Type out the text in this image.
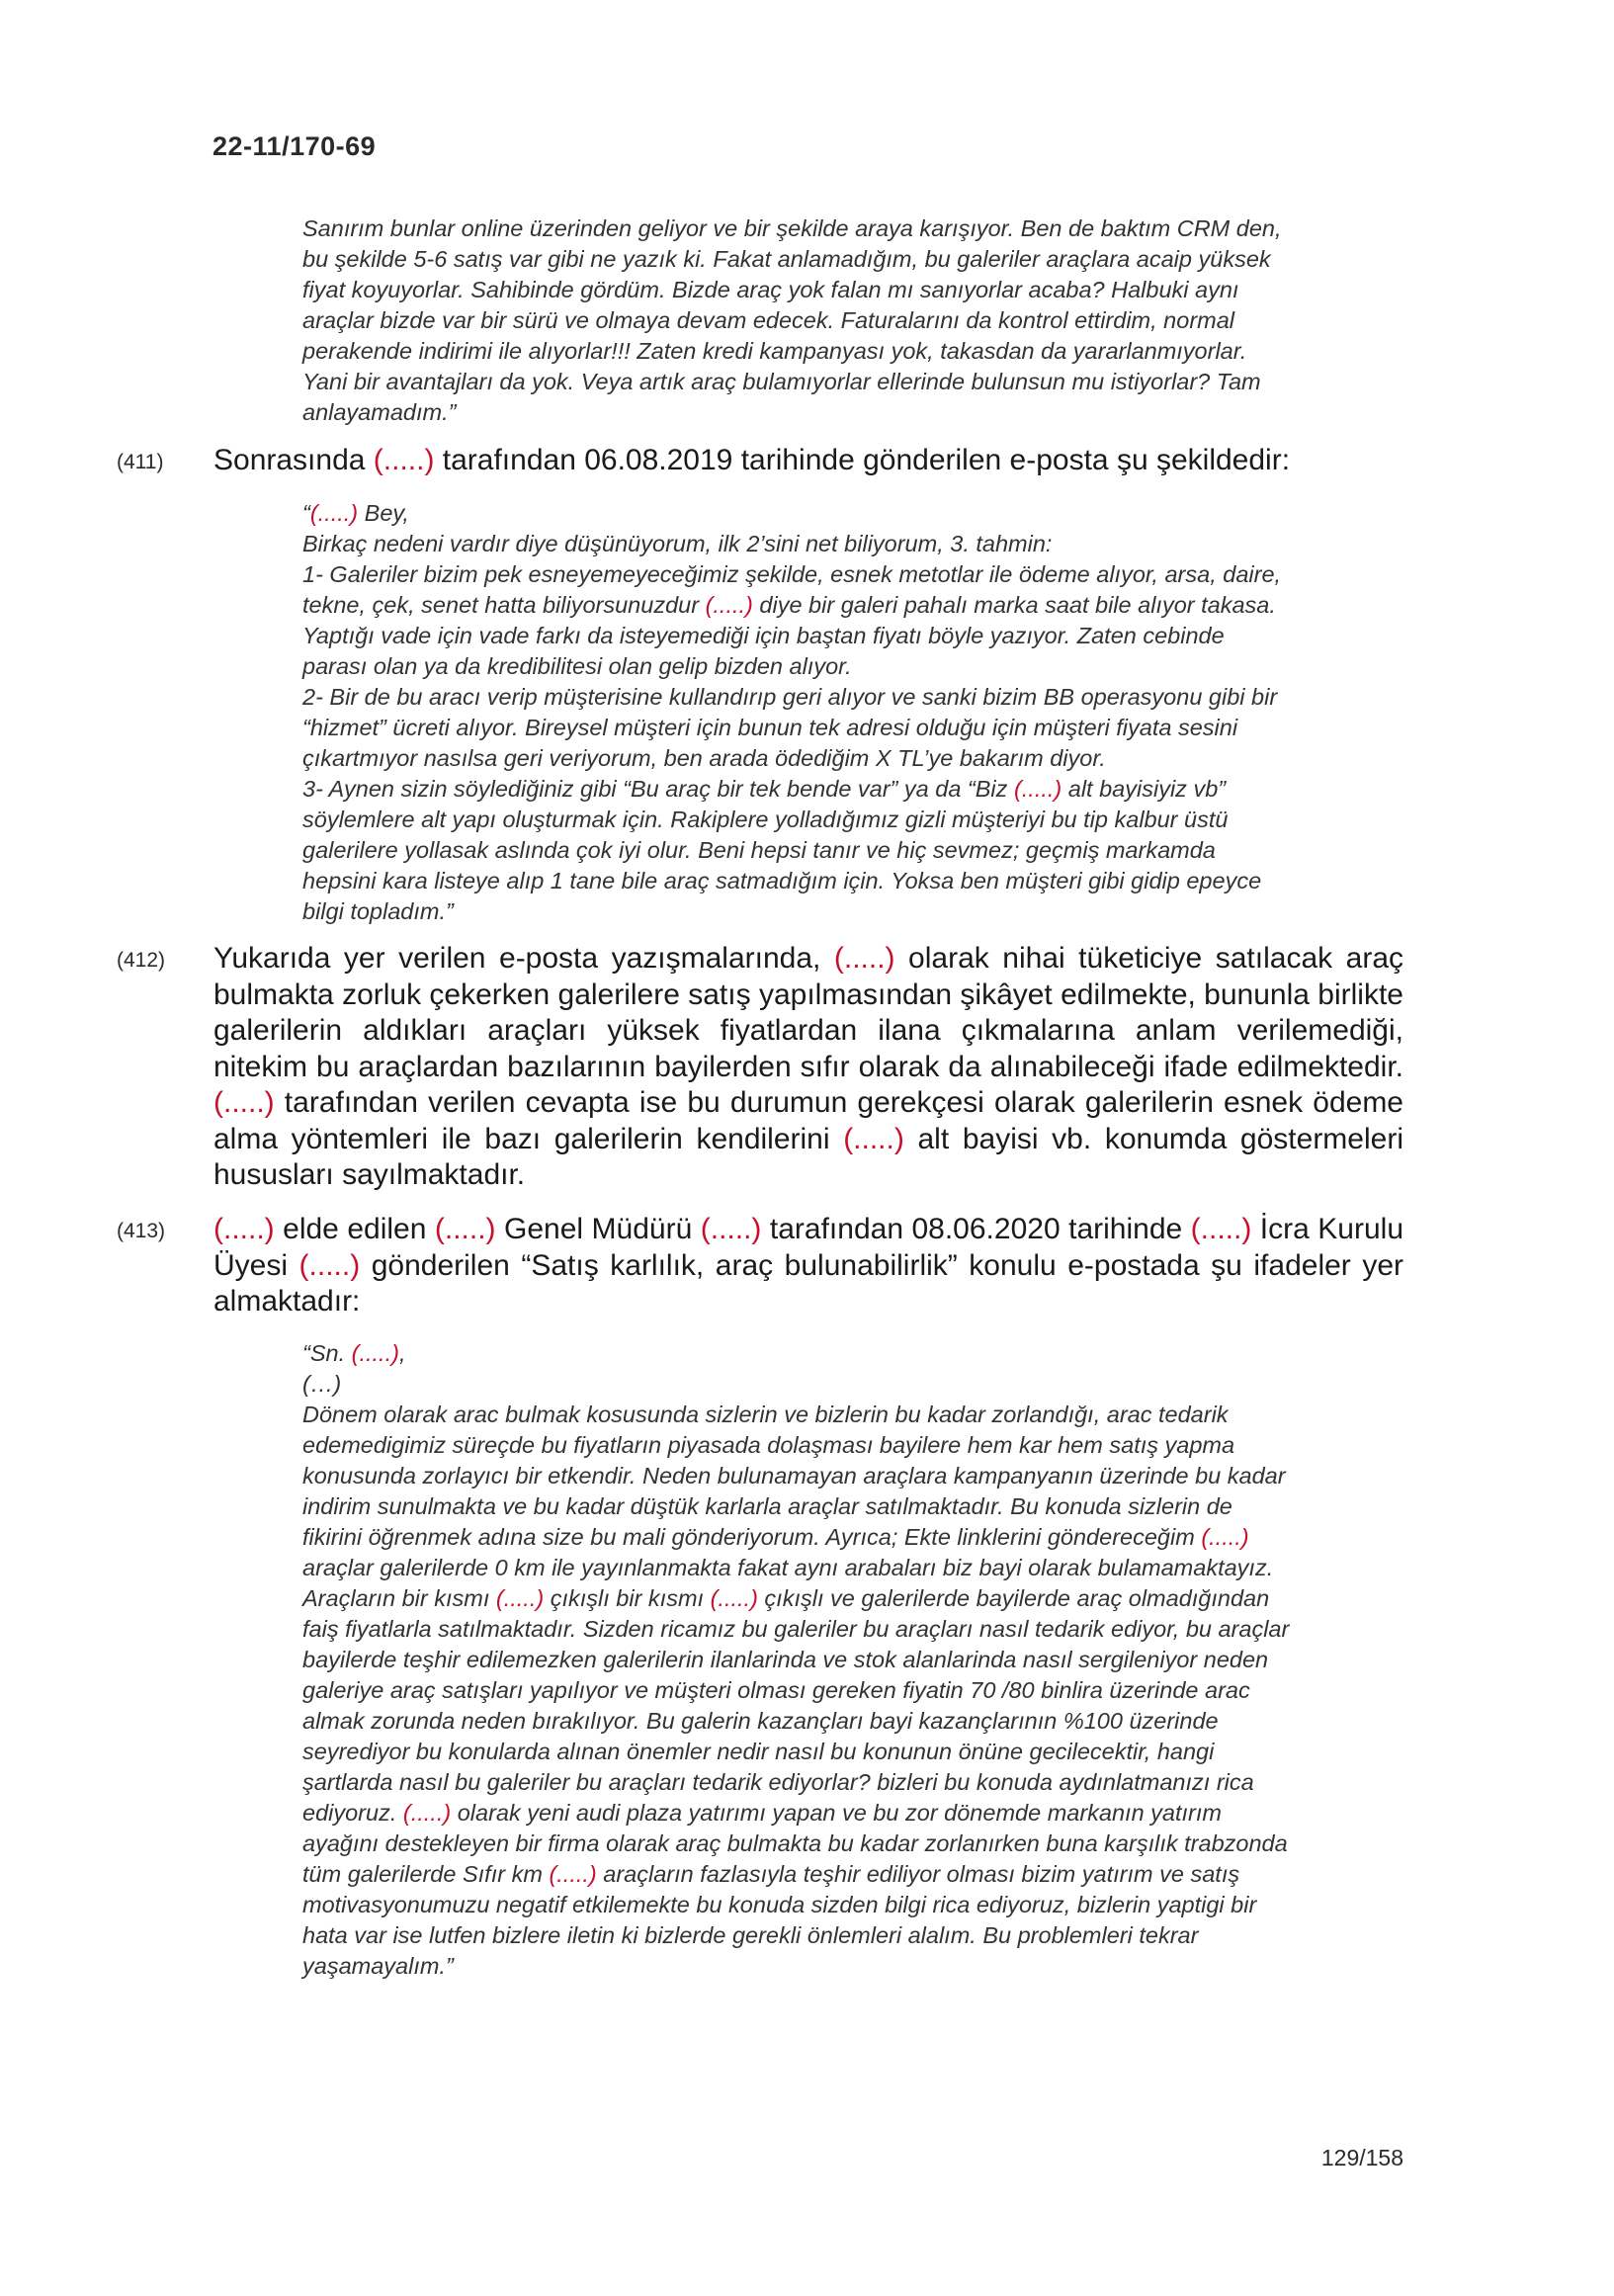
22-11/170-69

Sanırım bunlar online üzerinden geliyor ve bir şekilde araya karışıyor. Ben de baktım CRM den,

bu şekilde 5-6 satış var gibi ne yazık ki. Fakat anlamadığım, bu galeriler araçlara acaip yüksek

fiyat koyuyorlar. Sahibinde gördüm. Bizde araç yok falan mı sanıyorlar acaba? Halbuki aynı

araçlar bizde var bir sürü ve olmaya devam edecek. Faturalarını da kontrol ettirdim, normal

perakende indirimi ile alıyorlar!!! Zaten kredi kampanyası yok, takasdan da yararlanmıyorlar.

Yani bir avantajları da yok. Veya artık araç bulamıyorlar ellerinde bulunsun mu istiyorlar? Tam

anlayamadım.”

(411) Sonrasında (.....) tarafından 06.08.2019 tarihinde gönderilen e-posta şu şekildedir:

“(.....) Bey,

Birkaç nedeni vardır diye düşünüyorum, ilk 2’sini net biliyorum, 3. tahmin:

1- Galeriler bizim pek esneyemeyeceğimiz şekilde, esnek metotlar ile ödeme alıyor, arsa, daire,

tekne, çek, senet hatta biliyorsunuzdur (.....) diye bir galeri pahalı marka saat bile alıyor takasa.

Yaptığı vade için vade farkı da isteyemediği için baştan fiyatı böyle yazıyor. Zaten cebinde

parası olan ya da kredibilitesi olan gelip bizden alıyor.

2- Bir de bu aracı verip müşterisine kullandırıp geri alıyor ve sanki bizim BB operasyonu gibi bir

“hizmet” ücreti alıyor. Bireysel müşteri için bunun tek adresi olduğu için müşteri fiyata sesini

çıkartmıyor nasılsa geri veriyorum, ben arada ödediğim X TL’ye bakarım diyor.

3- Aynen sizin söylediğiniz gibi “Bu araç bir tek bende var” ya da “Biz (.....) alt bayisiyiz vb”

söylemlere alt yapı oluşturmak için. Rakiplere yolladığımız gizli müşteriyi bu tip kalbur üstü

galerilere yollasak aslında çok iyi olur. Beni hepsi tanır ve hiç sevmez; geçmiş markamda

hepsini kara listeye alıp 1 tane bile araç satmadığım için. Yoksa ben müşteri gibi gidip epeyce

bilgi topladım.”

(412) Yukarıda yer verilen e-posta yazışmalarında, (.....) olarak nihai tüketiciye satılacak araç bulmakta zorluk çekerken galerilere satış yapılmasından şikâyet edilmekte, bununla birlikte galerilerin aldıkları araçları yüksek fiyatlardan ilana çıkmalarına anlam verilemediği, nitekim bu araçlardan bazılarının bayilerden sıfır olarak da alınabileceği ifade edilmektedir. (.....) tarafından verilen cevapta ise bu durumun gerekçesi olarak galerilerin esnek ödeme alma yöntemleri ile bazı galerilerin kendilerini (.....) alt bayisi vb. konumda göstermeleri hususları sayılmaktadır.
(413) (.....) elde edilen (.....) Genel Müdürü (.....) tarafından 08.06.2020 tarihinde (.....) İcra Kurulu Üyesi (.....) gönderilen “Satış karlılık, araç bulunabilirlik” konulu e-postada şu ifadeler yer almaktadır:

“Sn. (.....),

(…)

Dönem olarak arac bulmak kosusunda sizlerin ve bizlerin bu kadar zorlandığı, arac tedarik

edemedigimiz süreçde bu fiyatların piyasada dolaşması bayilere hem kar hem satış yapma

konusunda zorlayıcı bir etkendir. Neden bulunamayan araçlara kampanyanın üzerinde bu kadar

indirim sunulmakta ve bu kadar düştük karlarla araçlar satılmaktadır. Bu konuda sizlerin de

fikirini öğrenmek adına size bu mali gönderiyorum. Ayrıca; Ekte linklerini göndereceğim (.....)

araçlar galerilerde 0 km ile yayınlanmakta fakat aynı arabaları biz bayi olarak bulamamaktayız.

Araçların bir kısmı (.....) çıkışlı bir kısmı (.....) çıkışlı ve galerilerde bayilerde araç olmadığından

faiş fiyatlarla satılmaktadır. Sizden ricamız bu galeriler bu araçları nasıl tedarik ediyor, bu araçlar

bayilerde teşhir edilemezken galerilerin ilanlarinda ve stok alanlarinda nasıl sergileniyor neden

galeriye araç satışları yapılıyor ve müşteri olması gereken fiyatin 70 /80 binlira üzerinde arac

almak zorunda neden bırakılıyor. Bu galerin kazançları bayi kazançlarının %100 üzerinde

seyrediyor bu konularda alınan önemler nedir nasıl bu konunun önüne gecilecektir, hangi

şartlarda nasıl bu galeriler bu araçları tedarik ediyorlar? bizleri bu konuda aydınlatmanızı rica

ediyoruz. (.....) olarak yeni audi plaza yatırımı yapan ve bu zor dönemde markanın yatırım

ayağını destekleyen bir firma olarak araç bulmakta bu kadar zorlanırken buna karşılık trabzonda

tüm galerilerde Sıfır km (.....) araçların fazlasıyla teşhir ediliyor olması bizim yatırım ve satış

motivasyonumuzu negatif etkilemekte bu konuda sizden bilgi rica ediyoruz, bizlerin yaptigi bir

hata var ise lutfen bizlere iletin ki bizlerde gerekli önlemleri alalım. Bu problemleri tekrar

yaşamayalım.”

129/158
